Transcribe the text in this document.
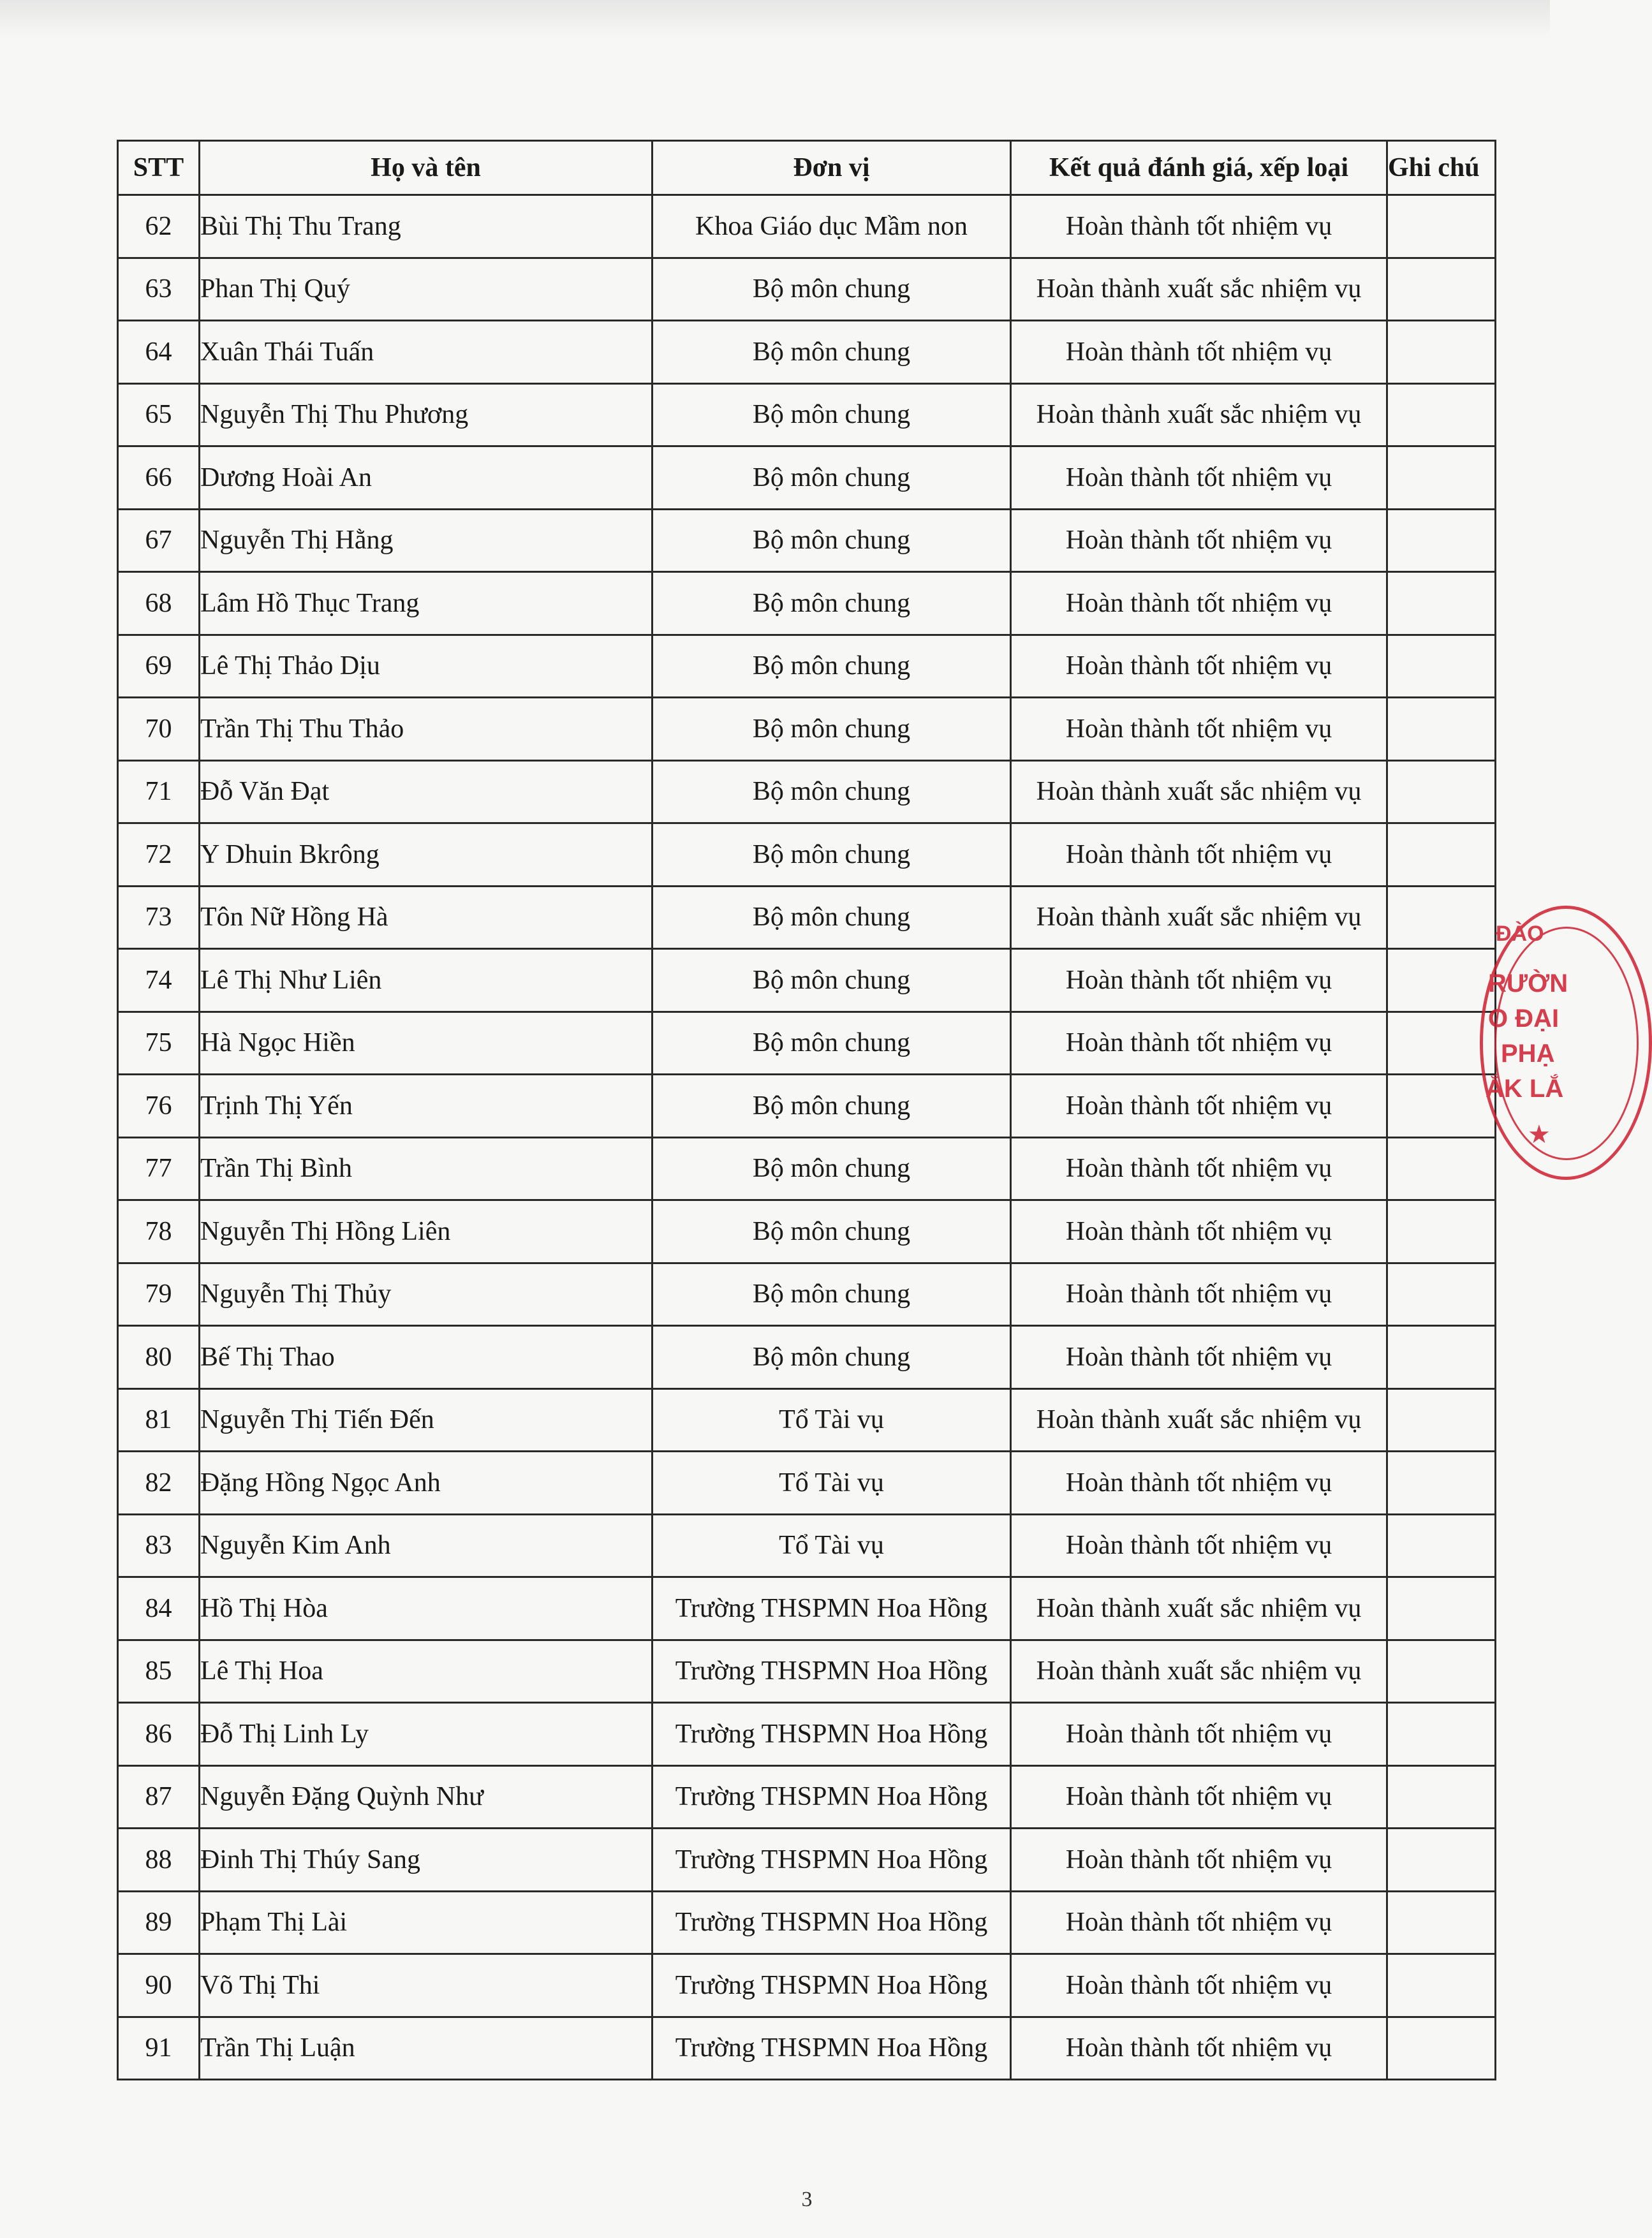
STT	Họ và tên	Đơn vị	Kết quả đánh giá, xếp loại	Ghi chú
62	Bùi Thị Thu Trang	Khoa Giáo dục Mầm non	Hoàn thành tốt nhiệm vụ	
63	Phan Thị Quý	Bộ môn chung	Hoàn thành xuất sắc nhiệm vụ	
64	Xuân Thái Tuấn	Bộ môn chung	Hoàn thành tốt nhiệm vụ	
65	Nguyễn Thị Thu Phương	Bộ môn chung	Hoàn thành xuất sắc nhiệm vụ	
66	Dương Hoài An	Bộ môn chung	Hoàn thành tốt nhiệm vụ	
67	Nguyễn Thị Hằng	Bộ môn chung	Hoàn thành tốt nhiệm vụ	
68	Lâm Hồ Thục Trang	Bộ môn chung	Hoàn thành tốt nhiệm vụ	
69	Lê Thị Thảo Dịu	Bộ môn chung	Hoàn thành tốt nhiệm vụ	
70	Trần Thị Thu Thảo	Bộ môn chung	Hoàn thành tốt nhiệm vụ	
71	Đỗ Văn Đạt	Bộ môn chung	Hoàn thành xuất sắc nhiệm vụ	
72	Y Dhuin Bkrông	Bộ môn chung	Hoàn thành tốt nhiệm vụ	
73	Tôn Nữ Hồng Hà	Bộ môn chung	Hoàn thành xuất sắc nhiệm vụ	
74	Lê Thị Như Liên	Bộ môn chung	Hoàn thành tốt nhiệm vụ	
75	Hà Ngọc Hiền	Bộ môn chung	Hoàn thành tốt nhiệm vụ	
76	Trịnh Thị Yến	Bộ môn chung	Hoàn thành tốt nhiệm vụ	
77	Trần Thị Bình	Bộ môn chung	Hoàn thành tốt nhiệm vụ	
78	Nguyễn Thị Hồng Liên	Bộ môn chung	Hoàn thành tốt nhiệm vụ	
79	Nguyễn Thị Thủy	Bộ môn chung	Hoàn thành tốt nhiệm vụ	
80	Bế Thị Thao	Bộ môn chung	Hoàn thành tốt nhiệm vụ	
81	Nguyễn Thị Tiến Đến	Tổ Tài vụ	Hoàn thành xuất sắc nhiệm vụ	
82	Đặng Hồng Ngọc Anh	Tổ Tài vụ	Hoàn thành tốt nhiệm vụ	
83	Nguyễn Kim Anh	Tổ Tài vụ	Hoàn thành tốt nhiệm vụ	
84	Hồ Thị Hòa	Trường THSPMN Hoa Hồng	Hoàn thành xuất sắc nhiệm vụ	
85	Lê Thị Hoa	Trường THSPMN Hoa Hồng	Hoàn thành xuất sắc nhiệm vụ	
86	Đỗ Thị Linh Ly	Trường THSPMN Hoa Hồng	Hoàn thành tốt nhiệm vụ	
87	Nguyễn Đặng Quỳnh Như	Trường THSPMN Hoa Hồng	Hoàn thành tốt nhiệm vụ	
88	Đinh Thị Thúy Sang	Trường THSPMN Hoa Hồng	Hoàn thành tốt nhiệm vụ	
89	Phạm Thị Lài	Trường THSPMN Hoa Hồng	Hoàn thành tốt nhiệm vụ	
90	Võ Thị Thi	Trường THSPMN Hoa Hồng	Hoàn thành tốt nhiệm vụ	
91	Trần Thị Luận	Trường THSPMN Hoa Hồng	Hoàn thành tốt nhiệm vụ	
3
ĐÀO
RƯỜN
O ĐẠI
PHẠ
ẮK LẮ
★
